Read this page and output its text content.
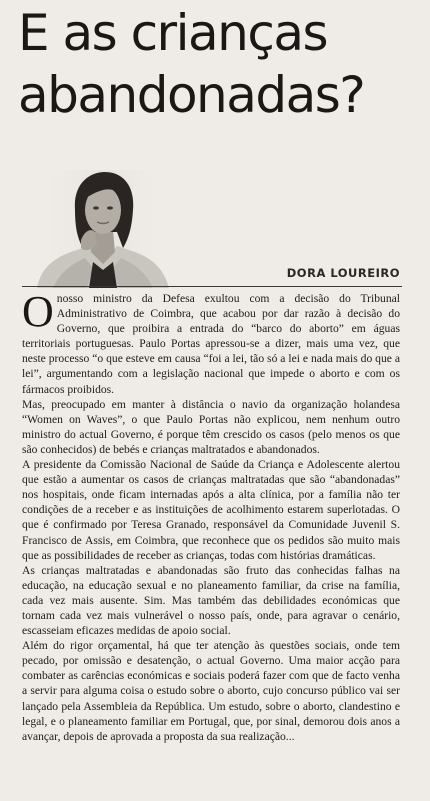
E as crianças
abandonadas?
DORA LOUREIRO

Onosso ministro da Defesa exultou com a decisão do Tribunal Administrativo de Coimbra, que acabou por dar razão à decisão do Governo, que proibira a entrada do “barco do aborto” em águas territoriais portuguesas. Paulo Portas apressou-se a dizer, mais uma vez, que neste processo “o que esteve em causa “foi a lei, tão só a lei e nada mais do que a lei”, argumentando com a legislação nacional que impede o aborto e com os fármacos proibidos.

Mas, preocupado em manter à distância o navio da organização holandesa “Women on Waves”, o que Paulo Portas não explicou, nem nenhum outro ministro do actual Governo, é porque têm crescido os casos (pelo menos os que são conhecidos) de bebés e crianças maltratados e abandonados.

A presidente da Comissão Nacional de Saúde da Criança e Adolescente alertou que estão a aumentar os casos de crianças maltratadas que são “abandonadas” nos hospitais, onde ficam internadas após a alta clínica, por a família não ter condições de a receber e as instituições de acolhimento estarem superlotadas. O que é confirmado por Teresa Granado, responsável da Comunidade Juvenil S. Francisco de Assis, em Coimbra, que reconhece que os pedidos são muito mais que as possibilidades de receber as crianças, todas com histórias dramáticas.

As crianças maltratadas e abandonadas são fruto das conhecidas falhas na educação, na educação sexual e no planeamento familiar, da crise na família, cada vez mais ausente. Sim. Mas também das debilidades económicas que tornam cada vez mais vulnerável o nosso país, onde, para agravar o cenário, escasseiam eficazes medidas de apoio social.

Além do rigor orçamental, há que ter atenção às questões sociais, onde tem pecado, por omissão e desatenção, o actual Governo. Uma maior acção para combater as carências económicas e sociais poderá fazer com que de facto venha a servir para alguma coisa o estudo sobre o aborto, cujo concurso público vai ser lançado pela Assembleia da República. Um estudo, sobre o aborto, clandestino e legal, e o planeamento familiar em Portugal, que, por sinal, demorou dois anos a avançar, depois de aprovada a proposta da sua realização...
